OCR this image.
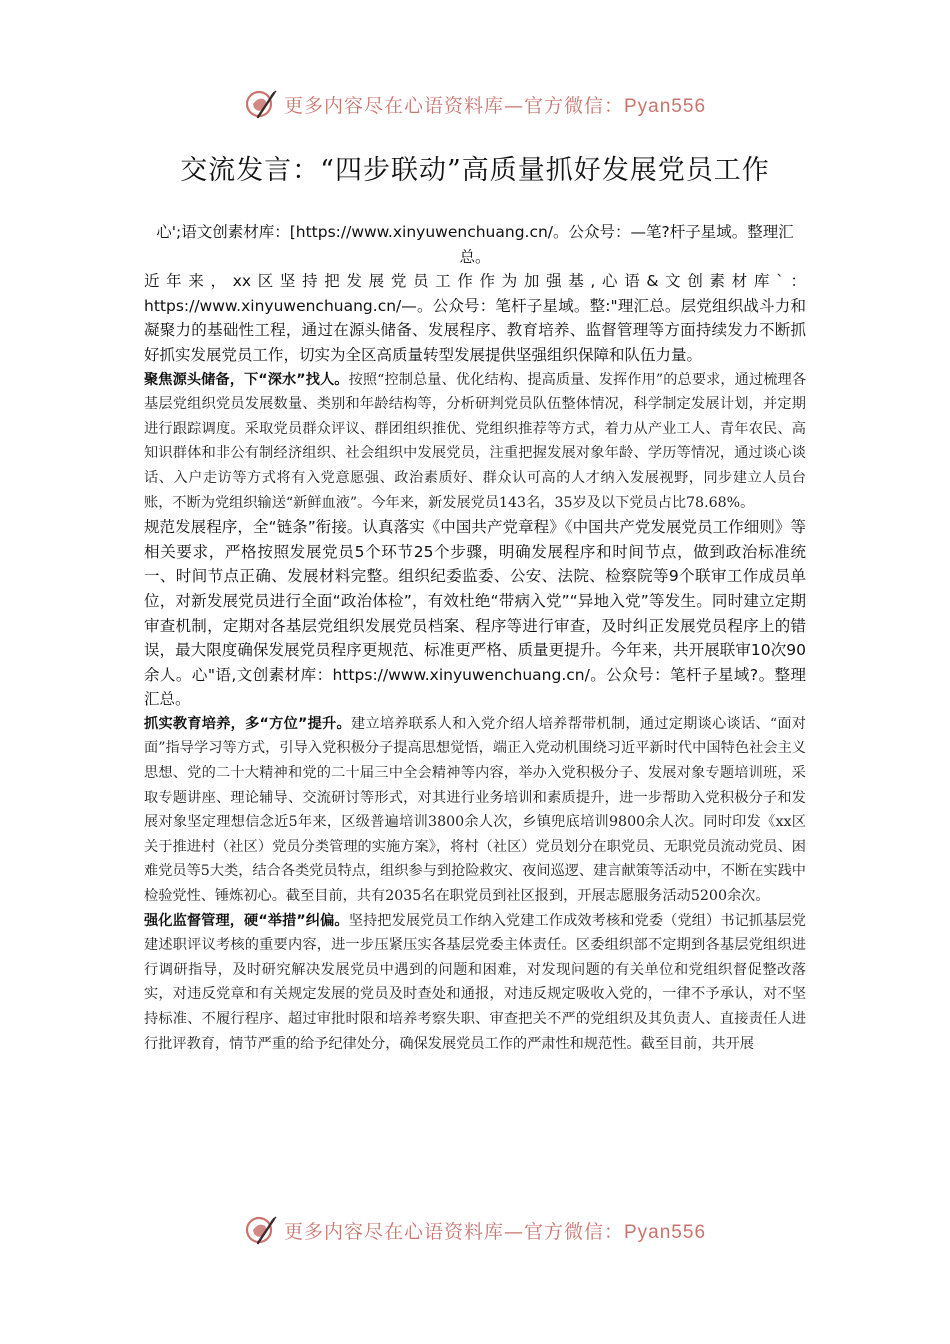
更多内容尽在心语资料库—官方微信：Pyan556
交流发言：“四步联动”高质量抓好发展党员工作

心';语文创素材库：[https://www.xinyuwenchuang.cn/。公众号：—笔?杆子星域。整理汇总。

近年来，xx区坚持把发展党员工作作为加强基,心语&文创素材库`：https://www.xinyuwenchuang.cn/—。公众号：笔杆子星域。整:"理汇总。层党组织战斗力和凝聚力的基础性工程，通过在源头储备、发展程序、教育培养、监督管理等方面持续发力不断抓好抓实发展党员工作，切实为全区高质量转型发展提供坚强组织保障和队伍力量。

聚焦源头储备，下“深水”找人。按照“控制总量、优化结构、提高质量、发挥作用”的总要求，通过梳理各基层党组织党员发展数量、类别和年龄结构等，分析研判党员队伍整体情况，科学制定发展计划，并定期进行跟踪调度。采取党员群众评议、群团组织推优、党组织推荐等方式，着力从产业工人、青年农民、高知识群体和非公有制经济组织、社会组织中发展党员，注重把握发展对象年龄、学历等情况，通过谈心谈话、入户走访等方式将有入党意愿强、政治素质好、群众认可高的人才纳入发展视野，同步建立人员台账，不断为党组织输送“新鲜血液”。今年来，新发展党员143名，35岁及以下党员占比78.68%。

规范发展程序，全“链条”衔接。认真落实《中国共产党章程》《中国共产党发展党员工作细则》等相关要求，严格按照发展党员5个环节25个步骤，明确发展程序和时间节点，做到政治标准统一、时间节点正确、发展材料完整。组织纪委监委、公安、法院、检察院等9个联审工作成员单位，对新发展党员进行全面“政治体检”，有效杜绝“带病入党”“异地入党”等发生。同时建立定期审查机制，定期对各基层党组织发展党员档案、程序等进行审查，及时纠正发展党员程序上的错误，最大限度确保发展党员程序更规范、标准更严格、质量更提升。今年来，共开展联审10次90余人。心"语,文创素材库：https://www.xinyuwenchuang.cn/。公众号：笔杆子星域?。整理汇总。

抓实教育培养，多“方位”提升。建立培养联系人和入党介绍人培养帮带机制，通过定期谈心谈话、“面对面”指导学习等方式，引导入党积极分子提高思想觉悟，端正入党动机围绕习近平新时代中国特色社会主义思想、党的二十大精神和党的二十届三中全会精神等内容，举办入党积极分子、发展对象专题培训班，采取专题讲座、理论辅导、交流研讨等形式，对其进行业务培训和素质提升，进一步帮助入党积极分子和发展对象坚定理想信念近5年来，区级普遍培训3800余人次，乡镇兜底培训9800余人次。同时印发《xx区关于推进村（社区）党员分类管理的实施方案》，将村（社区）党员划分在职党员、无职党员流动党员、困难党员等5大类，结合各类党员特点，组织参与到抢险救灾、夜间巡逻、建言献策等活动中，不断在实践中检验党性、锤炼初心。截至目前，共有2035名在职党员到社区报到，开展志愿服务活动5200余次。

强化监督管理，硬“举措”纠偏。坚持把发展党员工作纳入党建工作成效考核和党委（党组）书记抓基层党建述职评议考核的重要内容，进一步压紧压实各基层党委主体责任。区委组织部不定期到各基层党组织进行调研指导，及时研究解决发展党员中遇到的问题和困难，对发现问题的有关单位和党组织督促整改落实，对违反党章和有关规定发展的党员及时查处和通报，对违反规定吸收入党的，一律不予承认，对不坚持标准、不履行程序、超过审批时限和培养考察失职、审查把关不严的党组织及其负责人、直接责任人进行批评教育，情节严重的给予纪律处分，确保发展党员工作的严肃性和规范性。截至目前，共开展

更多内容尽在心语资料库—官方微信：Pyan556
